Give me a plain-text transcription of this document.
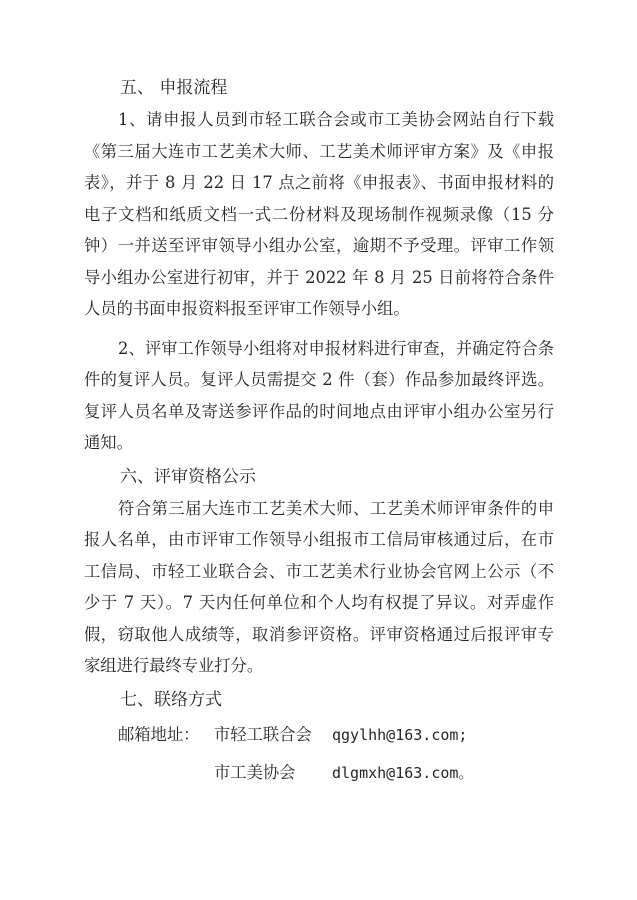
五、 申报流程

1、请申报人员到市轻工联合会或市工美协会网站自行下载《第三届大连市工艺美术大师、工艺美术师评审方案》及《申报表》，并于 8 月 22 日 17 点之前将《申报表》、书面申报材料的电子文档和纸质文档一式二份材料及现场制作视频录像（15 分钟）一并送至评审领导小组办公室，逾期不予受理。评审工作领导小组办公室进行初审，并于 2022 年 8 月 25 日前将符合条件人员的书面申报资料报至评审工作领导小组。

2、评审工作领导小组将对申报材料进行审查，并确定符合条件的复评人员。复评人员需提交 2 件（套）作品参加最终评选。复评人员名单及寄送参评作品的时间地点由评审小组办公室另行通知。

六、评审资格公示

符合第三届大连市工艺美术大师、工艺美术师评审条件的申报人名单，由市评审工作领导小组报市工信局审核通过后，在市工信局、市轻工业联合会、市工艺美术行业协会官网上公示（不少于 7 天）。7 天内任何单位和个人均有权提了异议。对弄虚作假，窃取他人成绩等，取消参评资格。评审资格通过后报评审专家组进行最终专业打分。

七、联络方式
邮箱地址： 市轻工联合会 qgylhh@163.com;
市工美协会 dlgmxh@163.com。
